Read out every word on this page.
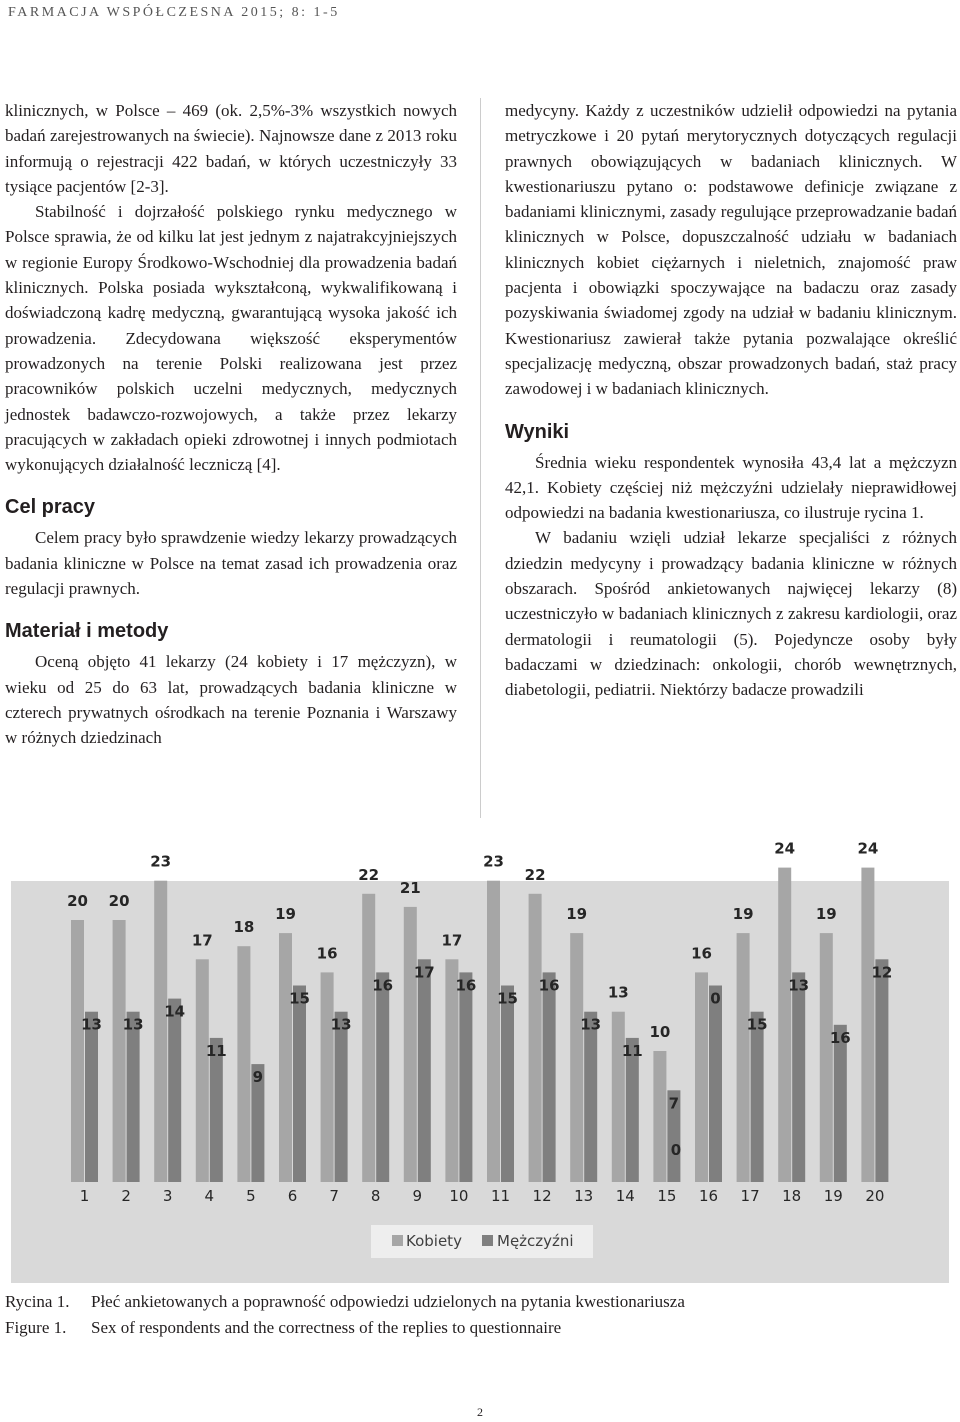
FARMACJA WSPÓŁCZESNA 2015; 8: 1-5

klinicznych, w Polsce – 469 (ok. 2,5%-3% wszystkich nowych badań zarejestrowanych na świecie). Najnowsze dane z 2013 roku informują o rejestracji 422 badań, w których uczestniczyły 33 tysiące pacjentów [2-3].

Stabilność i dojrzałość polskiego rynku medycznego w Polsce sprawia, że od kilku lat jest jednym z najatrakcyjniejszych w regionie Europy Środkowo-Wschodniej dla prowadzenia badań klinicznych. Polska posiada wykształconą, wykwalifikowaną i doświadczoną kadrę medyczną, gwarantującą wysoka jakość ich prowadzenia. Zdecydowana większość eksperymentów prowadzonych na terenie Polski realizowana jest przez pracowników polskich uczelni medycznych, medycznych jednostek badawczo-rozwojowych, a także przez lekarzy pracujących w zakładach opieki zdrowotnej i innych podmiotach wykonujących działalność leczniczą [4].

Cel pracy

Celem pracy było sprawdzenie wiedzy lekarzy prowadzących badania kliniczne w Polsce na temat zasad ich prowadzenia oraz regulacji prawnych.

Materiał i metody

Oceną objęto 41 lekarzy (24 kobiety i 17 mężczyzn), w wieku od 25 do 63 lat, prowadzących badania kliniczne w czterech prywatnych ośrodkach na terenie Poznania i Warszawy w różnych dziedzinach

medycyny. Każdy z uczestników udzielił odpowiedzi na pytania metryczkowe i 20 pytań merytorycznych dotyczących regulacji prawnych obowiązujących w badaniach klinicznych. W kwestionariuszu pytano o: podstawowe definicje związane z badaniami klinicznymi, zasady regulujące przeprowadzanie badań klinicznych w Polsce, dopuszczalność udziału w badaniach klinicznych kobiet ciężarnych i nieletnich, znajomość praw pacjenta i obowiązki spoczywające na badaczu oraz zasady pozyskiwania świadomej zgody na udział w badaniu klinicznym. Kwestionariusz zawierał także pytania pozwalające określić specjalizację medyczną, obszar prowadzonych badań, staż pracy zawodowej i w badaniach klinicznych.

Wyniki

Średnia wieku respondentek wynosiła 43,4 lat a mężczyzn 42,1. Kobiety częściej niż mężczyźni udzielały nieprawidłowej odpowiedzi na badania kwestionariusza, co ilustruje rycina 1.

W badaniu wzięli udział lekarze specjaliści z różnych dziedzin medycyny i prowadzący badania kliniczne w różnych obszarach. Spośród ankietowanych najwięcej lekarzy (8) uczestniczyło w badaniach klinicznych z zakresu kardiologii, oraz dermatologii i reumatologii (5). Pojedyncze osoby były badaczami w dziedzinach: onkologii, chorób wewnętrznych, diabetologii, pediatrii. Niektórzy badacze prowadzili

20
13
1
20
13
2
23
14
3
17
11
4
18
9
5
19
15
6
16
13
7
22
16
8
21
17
9
17
16
10
23
15
11
22
16
12
19
13
13
13
11
14
10
7
15
16
0
16
19
15
17
24
13
18
19
16
19
24
12
20
0
Kobiety Mężczyźni
Rycina 1. Płeć ankietowanych a poprawność odpowiedzi udzielonych na pytania kwestionariusza
Figure 1. Sex of respondents and the correctness of the replies to questionnaire
2
